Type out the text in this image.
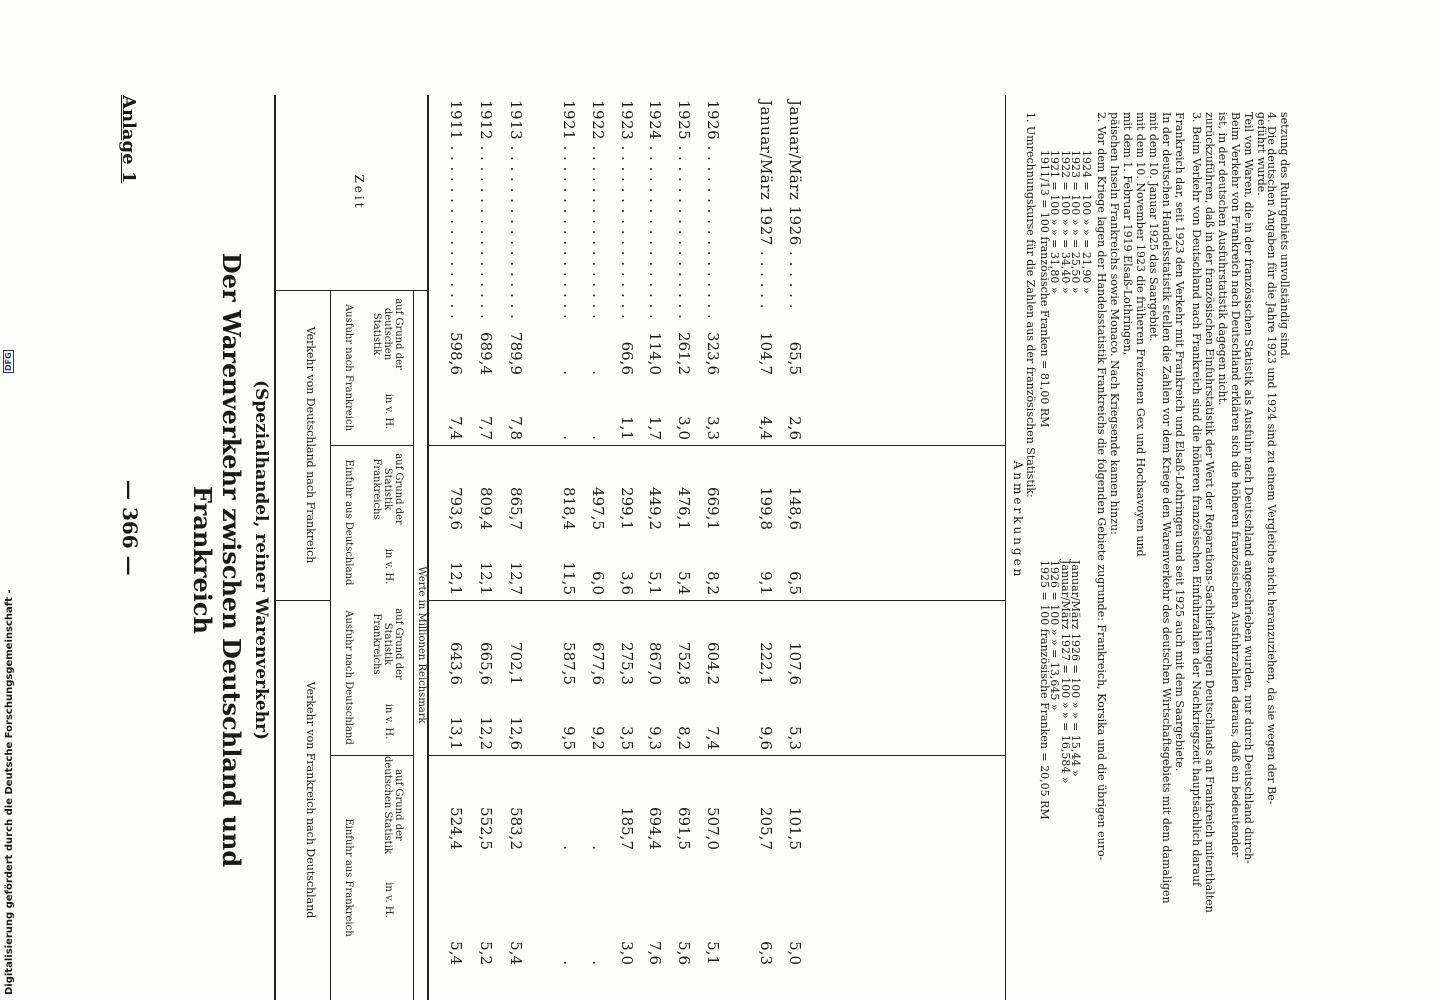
Digitalisierung gefördert durch die Deutsche Forschungsgemeinschaft -
DFG
Anlage 1
— 366 —	Der Warenverkehr zwischen Deutschland und Frankreich	(Spezialhandel, reiner Warenverkehr)
Zeit
Verkehr von Deutschland nach Frankreich
Verkehr von Frankreich nach Deutschland
Ausfuhr nach Frankreich
Einfuhr aus Deutschland
Ausfuhr nach Deutschland
Einfuhr aus Frankreich
auf Grund der deutschen Statistik
in v. H.
auf Grund der Statistik Frankreichs
in v. H.
auf Grund der Statistik Frankreichs
in v. H.
auf Grund der deutschen Statistik
in v. H.
Werte in Millionen Reichsmark
1911 . . . . . . . . . . . . . . . . .
598,6
7,4
793,6
12,1
643,6
13,1
524,4
5,4
1912 . . . . . . . . . . . . . . . . .
689,4
7,7
809,4
12,1
665,6
12,2
552,5
5,2
1913 . . . . . . . . . . . . . . . . .
789,9
7,8
865,7
12,7
702,1
12,6
583,2
5,4
1921 . . . . . . . . . . . . . . . . .
.
.
818,4
11,5
587,5
9,5
.
.
1922 . . . . . . . . . . . . . . . . .
.
.
497,5
6,0
677,6
9,2
.
.
1923 . . . . . . . . . . . . . . . . .
66,6
1,1
299,1
3,6
275,3
3,5
185,7
3,0
1924 . . . . . . . . . . . . . . . . .
114,0
1,7
449,2
5,1
867,0
9,3
694,4
7,6
1925 . . . . . . . . . . . . . . . . .
261,2
3,0
476,1
5,4
752,8
8,2
691,5
5,6
1926 . . . . . . . . . . . . . . . . .
323,6
3,3
669,1
8,2
604,2
7,4
507,0
5,1
Januar/März 1927 . . . . . .
104,7
4,4
199,8
9,1
222,1
9,6
205,7
6,3
Januar/März 1926 . . . . . .
65,5
2,6
148,6
6,5
107,6
5,3
101,5
5,0
Anmerkungen
1. Umrechnungskurse für die Zahlen aus der französischen Statistik: 1911/13 = 100 französische Franken = 81,00 RM
1921 = 100 » » = 31,80 »
1922 = 100 » » = 34,40 »
1923 = 100 » » = 25,50 »
1924 = 100 » » = 21,90 »
1925 = 100 französische Franken = 20,05 RM
1926 = 100 » » = 13,645 »
Januar/März 1927 = 100 » » = 16,584 »
Januar/März 1926 = 100 » » = 15,44 » 2. Vor dem Kriege lagen der Handelsstatistik Frankreichs die folgenden Gebiete zugrunde: Frankreich, Korsika und die übrigen euro- päischen Inseln Frankreichs sowie Monaco. Nach Kriegsende kamen hinzu: mit dem 1. Februar 1919 Elsaß-Lothringen, mit dem 10. November 1923 die früheren Freizonen Gex und Hochsavoyen und mit dem 10. Januar 1925 das Saargebiet. In der deutschen Handelsstatistik stellen die Zahlen vor dem Kriege den Warenverkehr des deutschen Wirtschaftsgebiets mit dem damaligen Frankreich dar, seit 1923 den Verkehr mit Frankreich und Elsaß-Lothringen und seit 1925 auch mit dem Saargebiete. 3. Beim Verkehr von Deutschland nach Frankreich sind die höheren französischen Einfuhrzahlen der Nachkriegszeit hauptsächlich darauf zurückzuführen, daß in der französischen Einfuhrstatistik der Wert der Reparations-Sachlieferungen Deutschlands an Frankreich mitenthalten ist, in der deutschen Ausfuhrstatistik dagegen nicht. Beim Verkehr von Frankreich nach Deutschland erklären sich die höheren französischen Ausfuhrzahlen daraus, daß ein bedeutender Teil von Waren, die in der französischen Statistik als Ausfuhr nach Deutschland angeschrieben wurden, nur durch Deutschland durch- geführt wurde.
4. Die deutschen Angaben für die Jahre 1923 und 1924 sind zu einem Vergleiche nicht heranzuziehen, da sie wegen der Be- setzung des Ruhrgebiets unvollständig sind.
